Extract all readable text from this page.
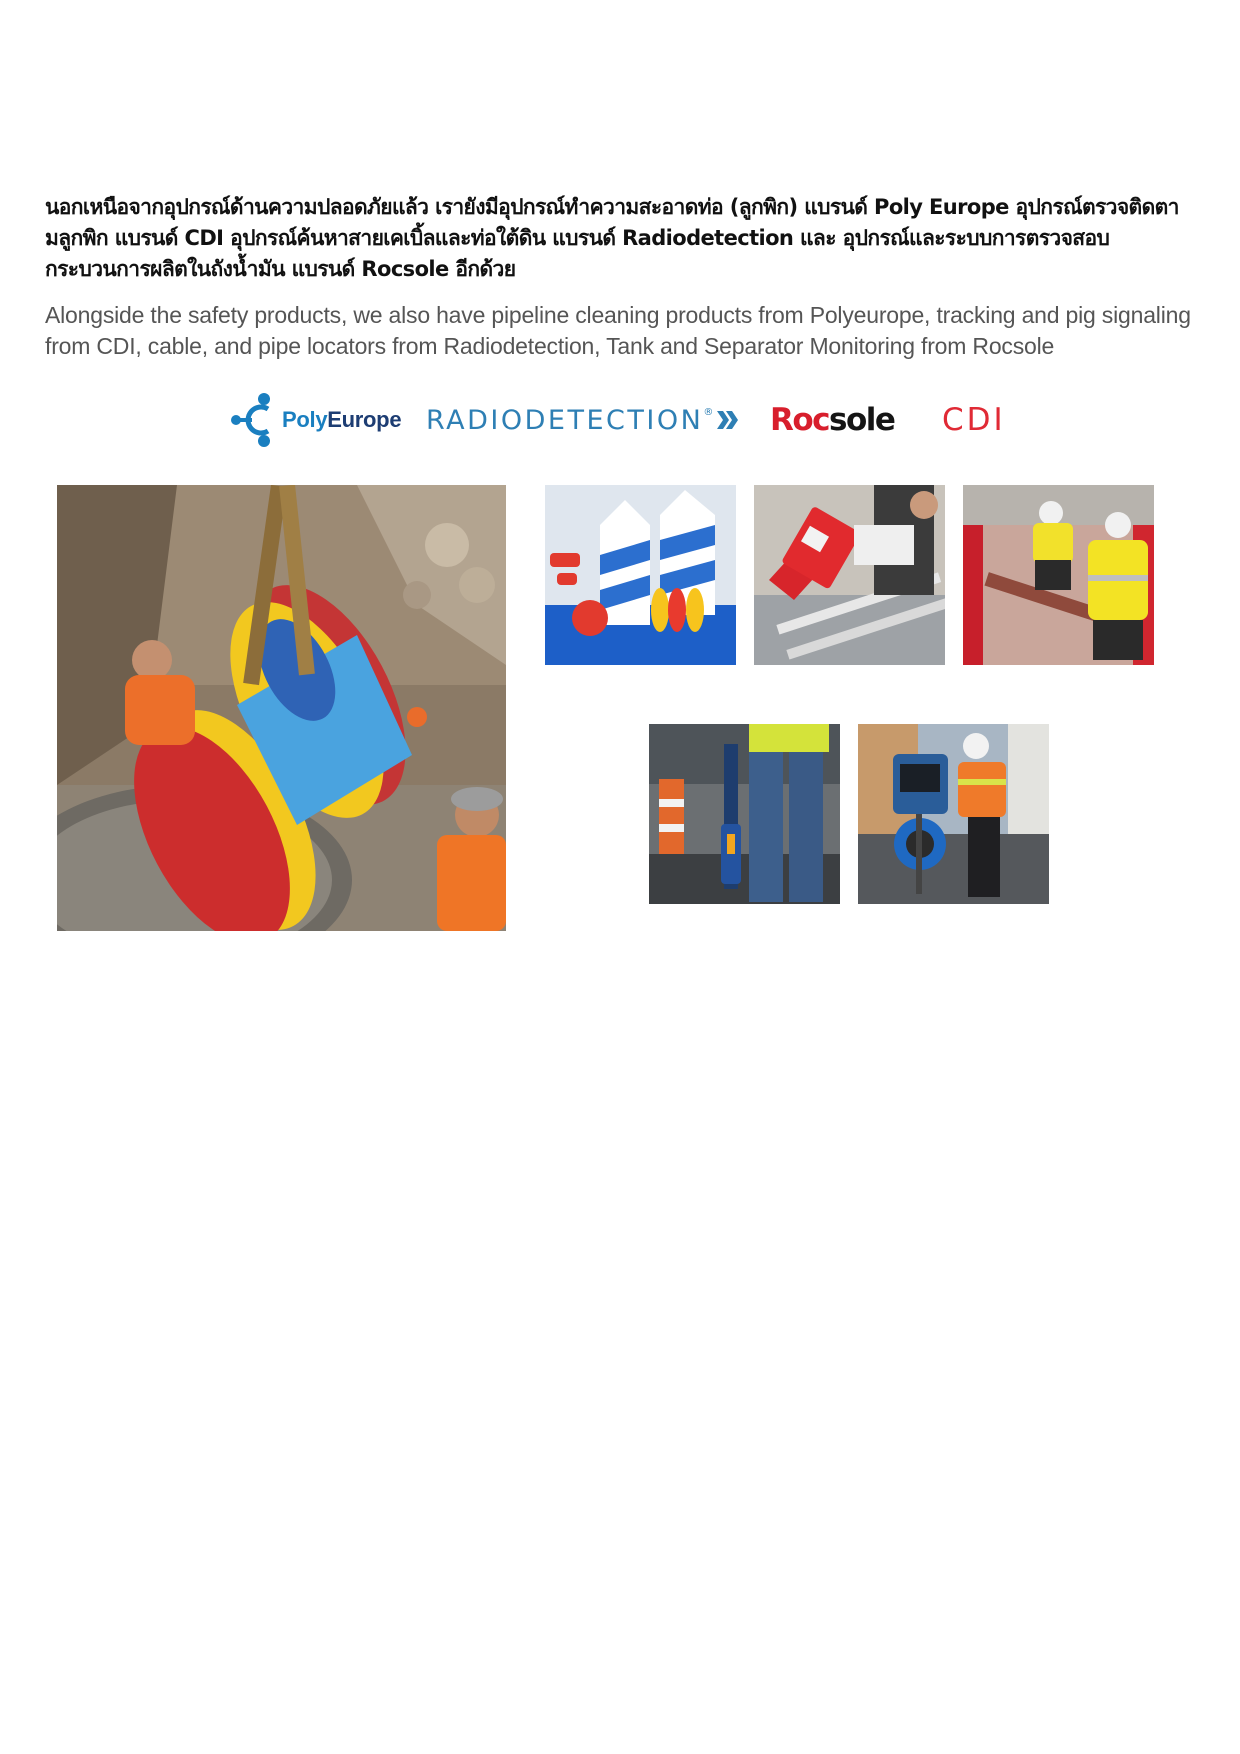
นอกเหนือจากอุปกรณ์ด้านความปลอดภัยแล้ว เรายังมีอุปกรณ์ทำความสะอาดท่อ (ลูกพิก) แบรนด์ Poly Europe อุปกรณ์ตรวจติดตามลูกพิก แบรนด์ CDI อุปกรณ์ค้นหาสายเคเบิ้ลและท่อใต้ดิน แบรนด์ Radiodetection และ อุปกรณ์และระบบการตรวจสอบกระบวนการผลิตในถังน้ำมัน แบรนด์ Rocsole อีกด้วย
Alongside the safety products, we also have pipeline cleaning products from Polyeurope, tracking and pig signaling from CDI, cable, and pipe locators from Radiodetection, Tank and Separator Monitoring from Rocsole
PolyEurope RADIODETECTION® Rocsole CDI
